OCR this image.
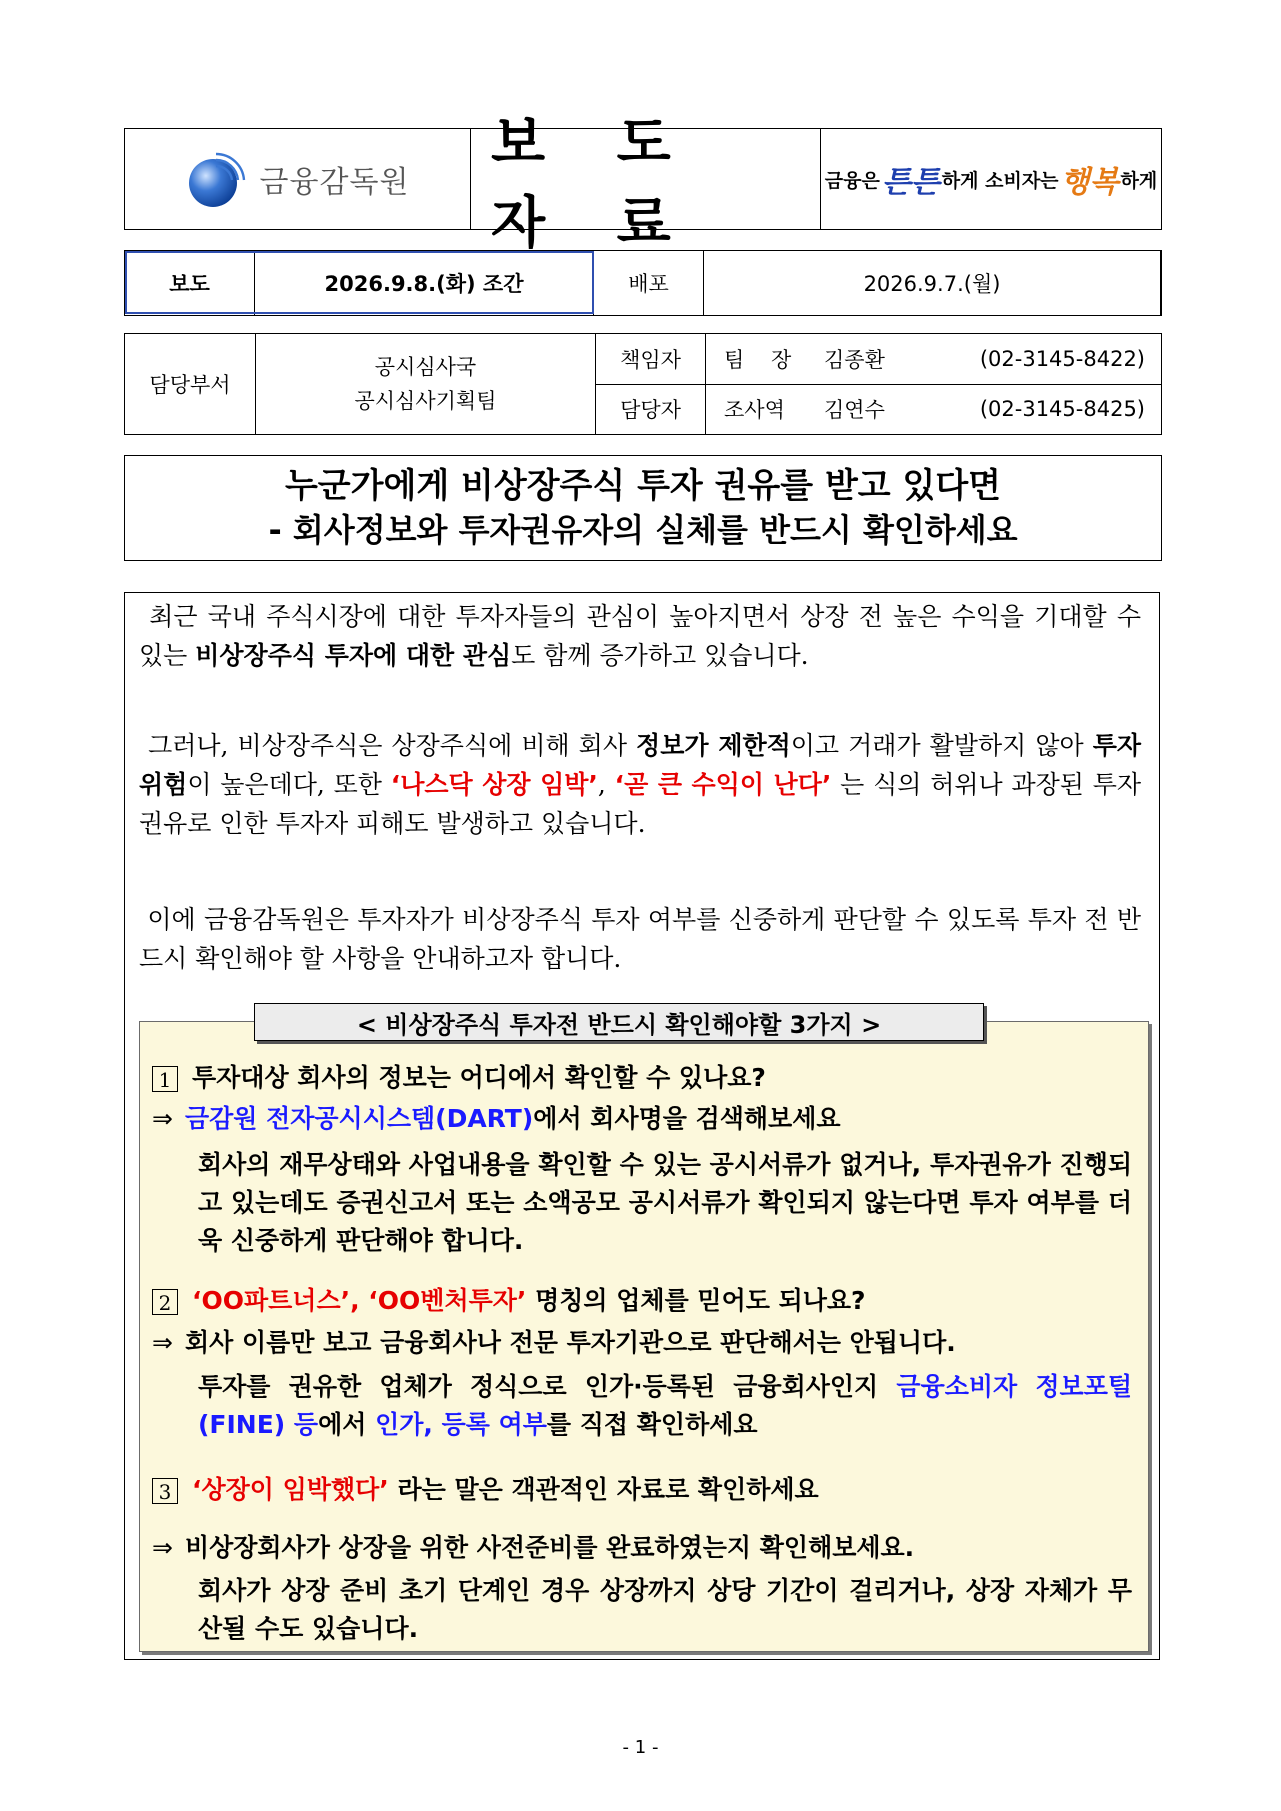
금융감독원
보 도 자 료
금융은 튼튼 하게 소비자는 행복 하게
보도	2026.9.8.(화) 조간	배포	2026.9.7.(월)
담당부서
공시심사국
공시심사기획팀
책임자	팀    장	김종환	(02-3145-8422)
담당자	조사역	김연수	(02-3145-8425)
누군가에게 비상장주식 투자 권유를 받고 있다면
- 회사정보와 투자권유자의 실체를 반드시 확인하세요
최근 국내 주식시장에 대한 투자자들의 관심이 높아지면서 상장 전 높은 수익을 기대할 수 있는 비상장주식 투자에 대한 관심도 함께 증가하고 있습니다.
그러나, 비상장주식은 상장주식에 비해 회사 정보가 제한적이고 거래가 활발하지 않아 투자위험이 높은데다, 또한 ‘나스닥 상장 임박’, ‘곧 큰 수익이 난다’ 는 식의 허위나 과장된 투자권유로 인한 투자자 피해도 발생하고 있습니다.
이에 금융감독원은 투자자가 비상장주식 투자 여부를 신중하게 판단할 수 있도록 투자 전 반드시 확인해야 할 사항을 안내하고자 합니다.
< 비상장주식 투자전 반드시 확인해야할 3가지 >
1 투자대상 회사의 정보는 어디에서 확인할 수 있나요?
⇒ 금감원 전자공시시스템(DART)에서 회사명을 검색해보세요
회사의 재무상태와 사업내용을 확인할 수 있는 공시서류가 없거나, 투자권유가 진행되고 있는데도 증권신고서 또는 소액공모 공시서류가 확인되지 않는다면 투자 여부를 더욱 신중하게 판단해야 합니다.
2 ‘OO파트너스’, ‘OO벤처투자’ 명칭의 업체를 믿어도 되나요?
⇒ 회사 이름만 보고 금융회사나 전문 투자기관으로 판단해서는 안됩니다.
투자를 권유한 업체가 정식으로 인가·등록된 금융회사인지 금융소비자 정보포털(FINE) 등에서 인가, 등록 여부를 직접 확인하세요
3 ‘상장이 임박했다’ 라는 말은 객관적인 자료로 확인하세요
⇒ 비상장회사가 상장을 위한 사전준비를 완료하였는지 확인해보세요.
회사가 상장 준비 초기 단계인 경우 상장까지 상당 기간이 걸리거나, 상장 자체가 무산될 수도 있습니다.
- 1 -
